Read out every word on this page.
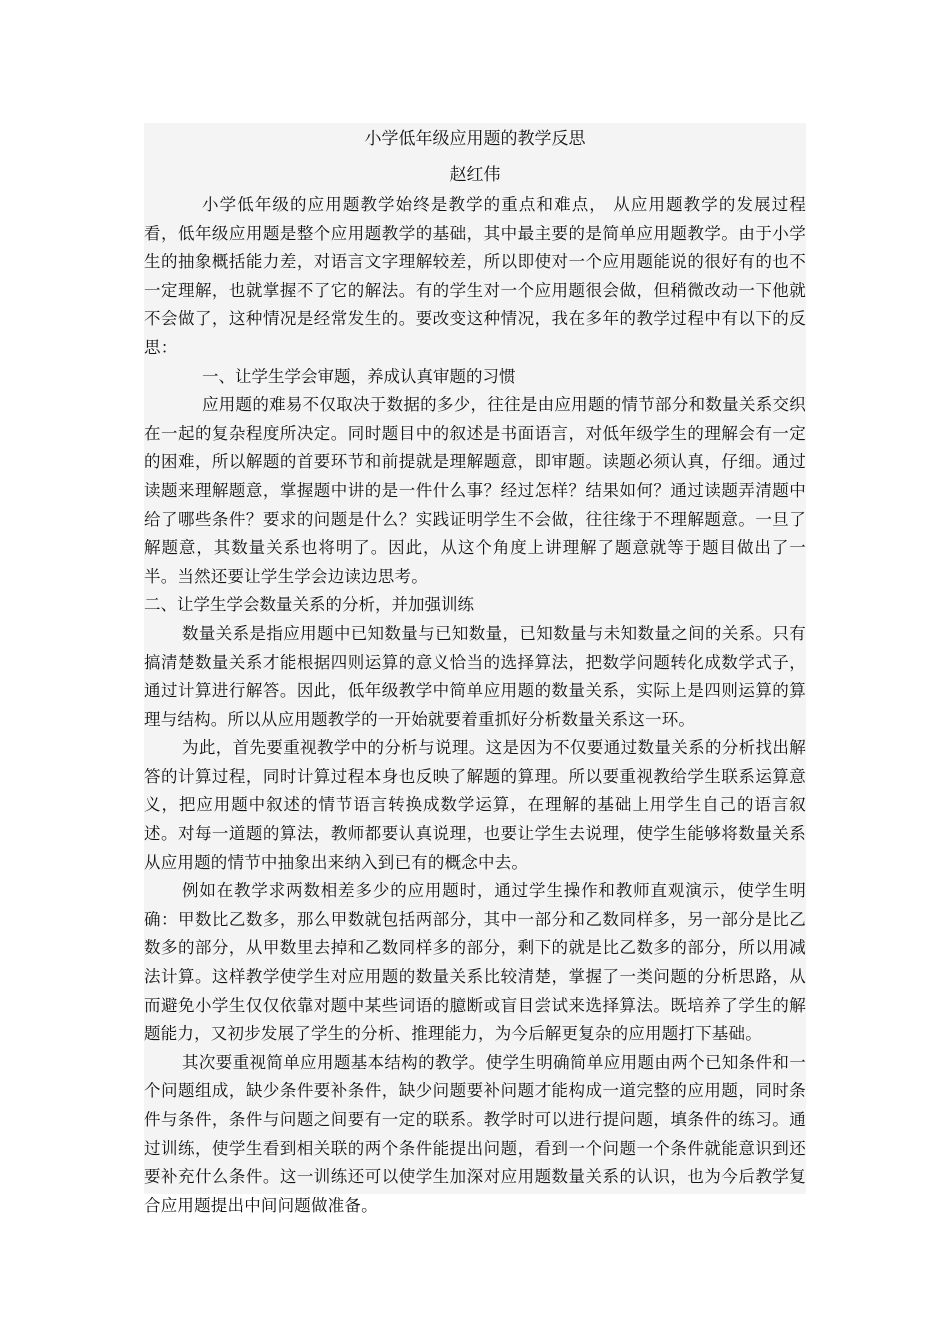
小学低年级应用题的教学反思

赵红伟

小学低年级的应用题教学始终是教学的重点和难点， 从应用题教学的发展过程看，低年级应用题是整个应用题教学的基础，其中最主要的是简单应用题教学。由于小学生的抽象概括能力差，对语言文字理解较差，所以即使对一个应用题能说的很好有的也不一定理解，也就掌握不了它的解法。有的学生对一个应用题很会做，但稍微改动一下他就不会做了，这种情况是经常发生的。要改变这种情况，我在多年的教学过程中有以下的反思：

一、让学生学会审题，养成认真审题的习惯

应用题的难易不仅取决于数据的多少，往往是由应用题的情节部分和数量关系交织在一起的复杂程度所决定。同时题目中的叙述是书面语言，对低年级学生的理解会有一定的困难，所以解题的首要环节和前提就是理解题意，即审题。读题必须认真，仔细。通过读题来理解题意，掌握题中讲的是一件什么事？经过怎样？结果如何？通过读题弄清题中给了哪些条件？要求的问题是什么？实践证明学生不会做，往往缘于不理解题意。一旦了解题意，其数量关系也将明了。因此，从这个角度上讲理解了题意就等于题目做出了一半。当然还要让学生学会边读边思考。

二、让学生学会数量关系的分析，并加强训练

数量关系是指应用题中已知数量与已知数量，已知数量与未知数量之间的关系。只有搞清楚数量关系才能根据四则运算的意义恰当的选择算法，把数学问题转化成数学式子，通过计算进行解答。因此，低年级教学中简单应用题的数量关系，实际上是四则运算的算理与结构。所以从应用题教学的一开始就要着重抓好分析数量关系这一环。

为此，首先要重视教学中的分析与说理。这是因为不仅要通过数量关系的分析找出解答的计算过程，同时计算过程本身也反映了解题的算理。所以要重视教给学生联系运算意义，把应用题中叙述的情节语言转换成数学运算，在理解的基础上用学生自己的语言叙述。对每一道题的算法，教师都要认真说理，也要让学生去说理，使学生能够将数量关系从应用题的情节中抽象出来纳入到已有的概念中去。

例如在教学求两数相差多少的应用题时，通过学生操作和教师直观演示，使学生明确：甲数比乙数多，那么甲数就包括两部分，其中一部分和乙数同样多，另一部分是比乙数多的部分，从甲数里去掉和乙数同样多的部分，剩下的就是比乙数多的部分，所以用减法计算。这样教学使学生对应用题的数量关系比较清楚，掌握了一类问题的分析思路，从而避免小学生仅仅依靠对题中某些词语的臆断或盲目尝试来选择算法。既培养了学生的解题能力，又初步发展了学生的分析、推理能力，为今后解更复杂的应用题打下基础。

其次要重视简单应用题基本结构的教学。使学生明确简单应用题由两个已知条件和一个问题组成，缺少条件要补条件，缺少问题要补问题才能构成一道完整的应用题，同时条件与条件，条件与问题之间要有一定的联系。教学时可以进行提问题，填条件的练习。通过训练，使学生看到相关联的两个条件能提出问题，看到一个问题一个条件就能意识到还要补充什么条件。这一训练还可以使学生加深对应用题数量关系的认识，也为今后教学复合应用题提出中间问题做准备。
